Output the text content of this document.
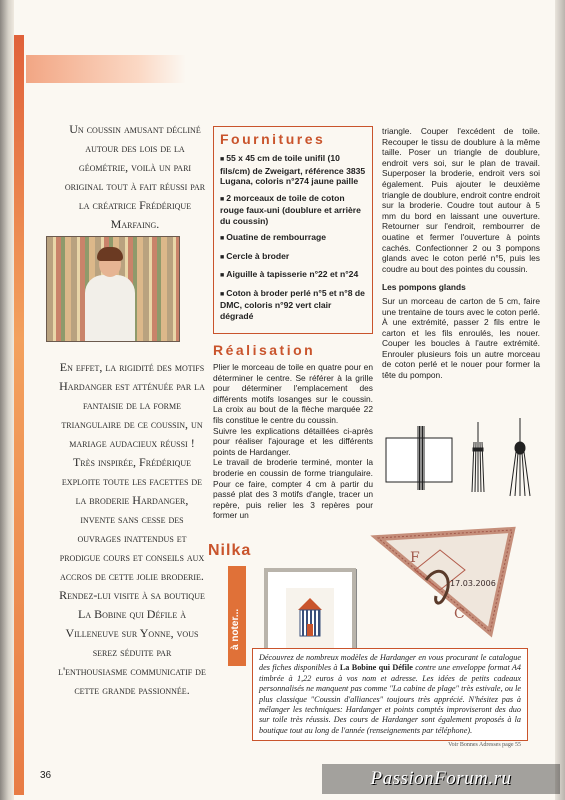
Un coussin amusant décliné autour des lois de la géométrie, voilà un pari original tout à fait réussi par la créatrice Frédérique Marfaing.

En effet, la rigidité des motifs Hardanger est atténuée par la fantaisie de la forme triangulaire de ce coussin, un mariage audacieux réussi ! Très inspirée, Frédérique exploite toute les facettes de la broderie Hardanger, invente sans cesse des ouvrages inattendus et prodigue cours et conseils aux accros de cette jolie broderie. Rendez-lui visite à sa boutique La Bobine qui Défile à Villeneuve sur Yonne, vous serez séduite par l'enthousiasme communicatif de cette grande passionnée.

Fournitures
■ 55 x 45 cm de toile unifil (10 fils/cm) de Zweigart, référence 3835 Lugana, coloris n°274 jaune paille
■ 2 morceaux de toile de coton rouge faux-uni (doublure et arrière du coussin)
■ Ouatine de rembourrage
■ Cercle à broder
■ Aiguille à tapisserie n°22 et n°24
■ Coton à broder perlé n°5 et n°8 de DMC, coloris n°92 vert clair dégradé
Réalisation

Plier le morceau de toile en quatre pour en déterminer le centre. Se référer à la grille pour déterminer l'emplacement des différents motifs losanges sur le coussin. La croix au bout de la flèche marquée 22 fils constitue le centre du coussin.

Suivre les explications détaillées ci-après pour réaliser l'ajourage et les différents points de Hardanger.

Le travail de broderie terminé, monter la broderie en coussin de forme triangulaire. Pour ce faire, compter 4 cm à partir du passé plat des 3 motifs d'angle, tracer un repère, puis relier les 3 repères pour former un

triangle. Couper l'excédent de toile. Recouper le tissu de doublure à la même taille. Poser un triangle de doublure, endroit vers soi, sur le plan de travail. Superposer la broderie, endroit vers soi également. Puis ajouter le deuxième triangle de doublure, endroit contre endroit sur la broderie. Coudre tout autour à 5 mm du bord en laissant une ouverture. Retourner sur l'endroit, rembourrer de ouatine et fermer l'ouverture à points cachés. Confectionner 2 ou 3 pompons glands avec le coton perlé n°5, puis les coudre au bout des pointes du coussin.

Les pompons glands

Sur un morceau de carton de 5 cm, faire une trentaine de tours avec le coton perlé. À une extrémité, passer 2 fils entre le carton et les fils enroulés, les nouer. Couper les boucles à l'autre extrémité. Enrouler plusieurs fois un autre morceau de coton perlé et le nouer pour former la tête du pompon.

Nilka
à noter...
F
C
17.03.2006
Découvrez de nombreux modèles de Hardanger en vous procurant le catalogue des fiches disponibles à La Bobine qui Défile contre une enveloppe format A4 timbrée à 1,22 euros à vos nom et adresse. Les idées de petits cadeaux personnalisés ne manquent pas comme "La cabine de plage" très estivale, ou le plus classique "Coussin d'alliances" toujours très apprécié. N'hésitez pas à mélanger les techniques: Hardanger et points comptés improviseront des duo sur toile très réussis. Des cours de Hardanger sont également proposés à la boutique tout au long de l'année (renseignements par téléphone).
Voir Bonnes Adresses page 55
36	PassionForum.ru
